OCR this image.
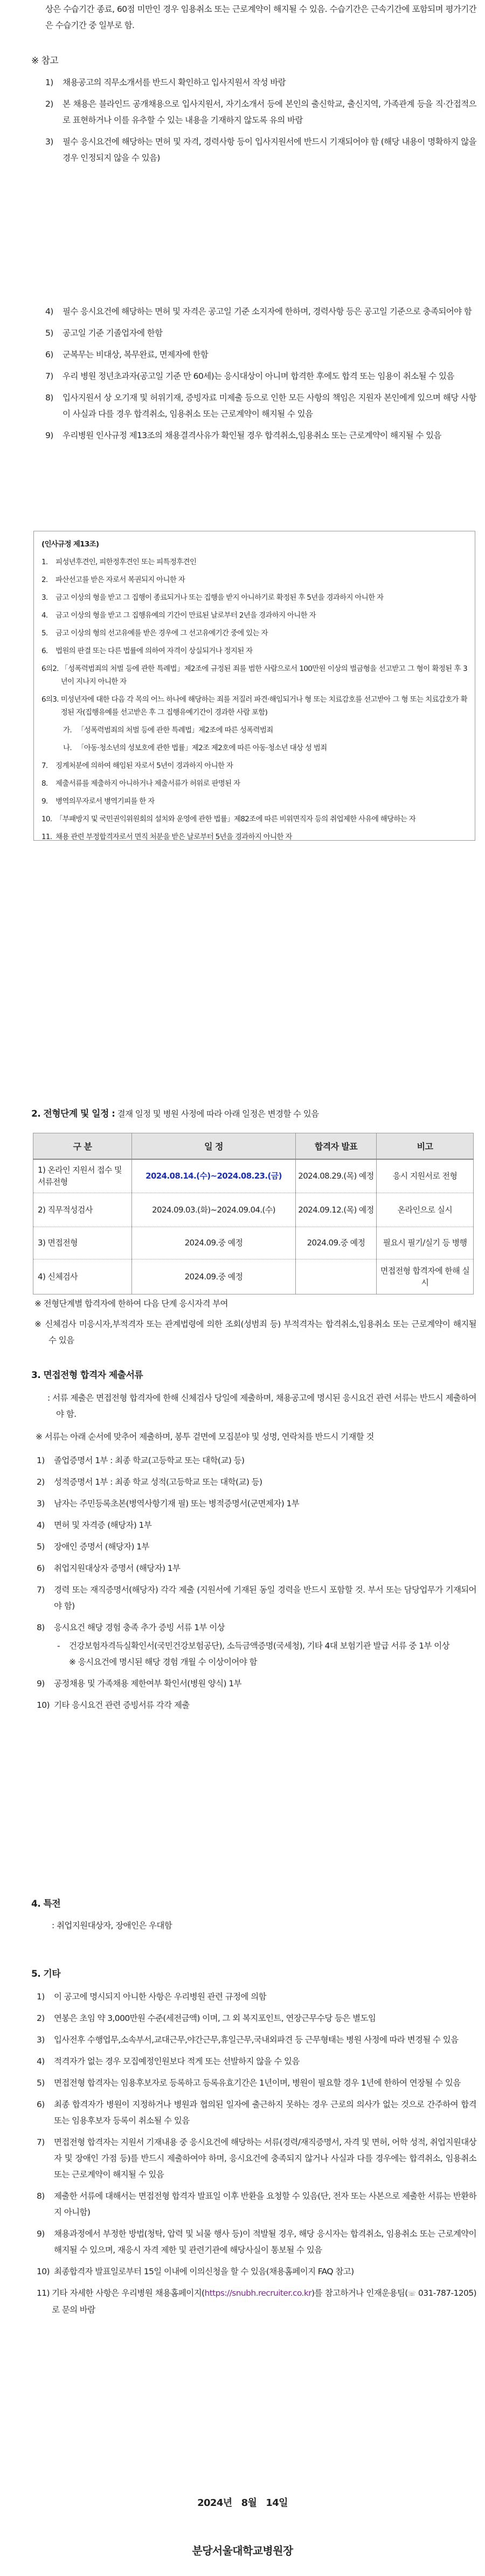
상은 수습기간 종료, 60점 미만인 경우 임용취소 또는 근로계약이 해지될 수 있음. 수습기간은 근속기간에 포함되며 평가기간은 수습기간 중 일부로 함.
※ 참고
1)	채용공고의 직무소개서를 반드시 확인하고 입사지원서 작성 바람
2)	본 채용은 블라인드 공개채용으로 입사지원서, 자기소개서 등에 본인의 출신학교, 출신지역, 가족관계 등을 직·간접적으로 표현하거나 이를 유추할 수 있는 내용을 기재하지 않도록 유의 바람
3)	필수 응시요건에 해당하는 면허 및 자격, 경력사항 등이 입사지원서에 반드시 기재되어야 함 (해당 내용이 명확하지 않을 경우 인정되지 않을 수 있음)
4)	필수 응시요건에 해당하는 면허 및 자격은 공고일 기준 소지자에 한하며, 경력사항 등은 공고일 기준으로 충족되어야 함
5)	공고일 기준 기졸업자에 한함
6)	군복무는 비대상, 복무완료, 면제자에 한함
7)	우리 병원 정년초과자(공고일 기준 만 60세)는 응시대상이 아니며 합격한 후에도 합격 또는 임용이 취소될 수 있음
8)	입사지원서 상 오기재 및 허위기재, 증빙자료 미제출 등으로 인한 모든 사항의 책임은 지원자 본인에게 있으며 해당 사항이 사실과 다를 경우 합격취소, 임용취소 또는 근로계약이 해지될 수 있음
9)	우리병원 인사규정 제13조의 채용결격사유가 확인될 경우 합격취소,임용취소 또는 근로계약이 해지될 수 있음
(인사규정 제13조)
1.	피성년후견인, 피한정후견인 또는 피특정후견인
2.	파산선고를 받은 자로서 복권되지 아니한 자
3.	금고 이상의 형을 받고 그 집행이 종료되거나 또는 집행을 받지 아니하기로 확정된 후 5년을 경과하지 아니한 자
4.	금고 이상의 형을 받고 그 집행유예의 기간이 만료된 날로부터 2년을 경과하지 아니한 자
5.	금고 이상의 형의 선고유예를 받은 경우에 그 선고유예기간 중에 있는 자
6.	법원의 판결 또는 다른 법률에 의하여 자격이 상실되거나 정지된 자
6의2. 「성폭력범죄의 처벌 등에 관한 특례법」제2조에 규정된 죄를 범한 사람으로서 100만원 이상의 벌금형을 선고받고 그 형이 확정된 후 3년이 지나지 아니한 자
6의3. 미성년자에 대한 다음 각 목의 어느 하나에 해당하는 죄를 저질러 파견·해임되거나 형 또는 치료감호를 선고받아 그 형 또는 치료감호가 확정된 자(집행유예를 선고받은 후 그 집행유예기간이 경과한 사람 포함)
가. 「성폭력범죄의 처벌 등에 관한 특례법」제2조에 따른 성폭력범죄
나. 「아동·청소년의 성보호에 관한 법률」제2조 제2호에 따른 아동·청소년 대상 성 범죄
7.	징계처분에 의하여 해임된 자로서 5년이 경과하지 아니한 자
8.	제출서류를 제출하지 아니하거나 제출서류가 허위로 판명된 자
9.	병역의무자로서 병역기피를 한 자
10. 「부패방지 및 국민권익위원회의 설치와 운영에 관한 법률」제82조에 따른 비위면직자 등의 취업제한 사유에 해당하는 자
11. 채용 관련 부정합격자로서 면직 처분을 받은 날로부터 5년을 경과하지 아니한 자
2. 전형단계 및 일정 : 결재 일정 및 병원 사정에 따라 아래 일정은 변경할 수 있음
구 분	일 정	합격자 발표	비고
1) 온라인 지원서 접수 및 서류전형	2024.08.14.(수)~2024.08.23.(금)	2024.08.29.(목) 예정	응시 지원서로 전형
2) 직무적성검사	2024.09.03.(화)~2024.09.04.(수)	2024.09.12.(목) 예정	온라인으로 실시
3) 면접전형	2024.09.중 예정	2024.09.중 예정	필요시 필기/실기 등 병행
4) 신체검사	2024.09.중 예정		면접전형 합격자에 한해 실시
※ 전형단계별 합격자에 한하여 다음 단계 응시자격 부여
※ 신체검사 미응시자,부적격자 또는 관계법령에 의한 조회(성범죄 등) 부적격자는 합격취소,임용취소 또는 근로계약이 해지될 수 있음
3. 면접전형 합격자 제출서류
: 서류 제출은 면접전형 합격자에 한해 신체검사 당일에 제출하며, 채용공고에 명시된 응시요건 관련 서류는 반드시 제출하여야 함.
※ 서류는 아래 순서에 맞추어 제출하며, 봉투 겉면에 모집분야 및 성명, 연락처를 반드시 기재할 것
1)	졸업증명서 1부 : 최종 학교(고등학교 또는 대학(교) 등)
2)	성적증명서 1부 : 최종 학교 성적(고등학교 또는 대학(교) 등)
3)	남자는 주민등록초본(병역사항기재 필) 또는 병적증명서(군면제자) 1부
4)	면허 및 자격증 (해당자) 1부
5)	장애인 증명서 (해당자) 1부
6)	취업지원대상자 증명서 (해당자) 1부
7)	경력 또는 재직증명서(해당자) 각각 제출 (지원서에 기재된 동일 경력을 반드시 포함할 것. 부서 또는 담당업무가 기재되어야 함)
8)	응시요건 해당 경험 충족 추가 증빙 서류 1부 이상
-	건강보험자격득실확인서(국민건강보험공단), 소득금액증명(국세청), 기타 4대 보험기관 발급 서류 중 1부 이상
※ 응시요건에 명시된 해당 경험 개월 수 이상이어야 함
9)	공정채용 및 가족채용 제한여부 확인서(병원 양식) 1부
10) 기타 응시요건 관련 증빙서류 각각 제출
4. 특전
: 취업지원대상자, 장애인은 우대함
5. 기타
1)	이 공고에 명시되지 아니한 사항은 우리병원 관련 규정에 의함
2)	연봉은 초임 약 3,000만원 수준(세전금액) 이며, 그 외 복지포인트, 연장근무수당 등은 별도임
3)	입사전후 수행업무,소속부서,교대근무,야간근무,휴일근무,국내외파견 등 근무형태는 병원 사정에 따라 변경될 수 있음
4)	적격자가 없는 경우 모집예정인원보다 적게 또는 선발하지 않을 수 있음
5)	면접전형 합격자는 임용후보자로 등록하고 등록유효기간은 1년이며, 병원이 필요할 경우 1년에 한하여 연장될 수 있음
6)	최종 합격자가 병원이 지정하거나 병원과 협의된 일자에 출근하지 못하는 경우 근로의 의사가 없는 것으로 간주하여 합격 또는 임용후보자 등록이 취소될 수 있음
7)	면접전형 합격자는 지원서 기재내용 중 응시요건에 해당하는 서류(경력/재직증명서, 자격 및 면허, 어학 성적, 취업지원대상자 및 장애인 가점 등)를 반드시 제출하여야 하며, 응시요건에 충족되지 않거나 사실과 다를 경우에는 합격취소, 임용취소 또는 근로계약이 해지될 수 있음
8)	제출한 서류에 대해서는 면접전형 합격자 발표일 이후 반환을 요청할 수 있음(단, 전자 또는 사본으로 제출한 서류는 반환하지 아니함)
9)	채용과정에서 부정한 방법(청탁, 압력 및 뇌물 행사 등)이 적발될 경우, 해당 응시자는 합격취소, 임용취소 또는 근로계약이 해지될 수 있으며, 재응시 자격 제한 및 관련기관에 해당사실이 통보될 수 있음
10) 최종합격자 발표일로부터 15일 이내에 이의신청을 할 수 있음(채용홈페이지 FAQ 참고)
11) 기타 자세한 사항은 우리병원 채용홈페이지(https://snubh.recruiter.co.kr)를 참고하거나 인재운용팀(☏ 031-787-1205)로 문의 바람
2024년   8월   14일
분당서울대학교병원장
